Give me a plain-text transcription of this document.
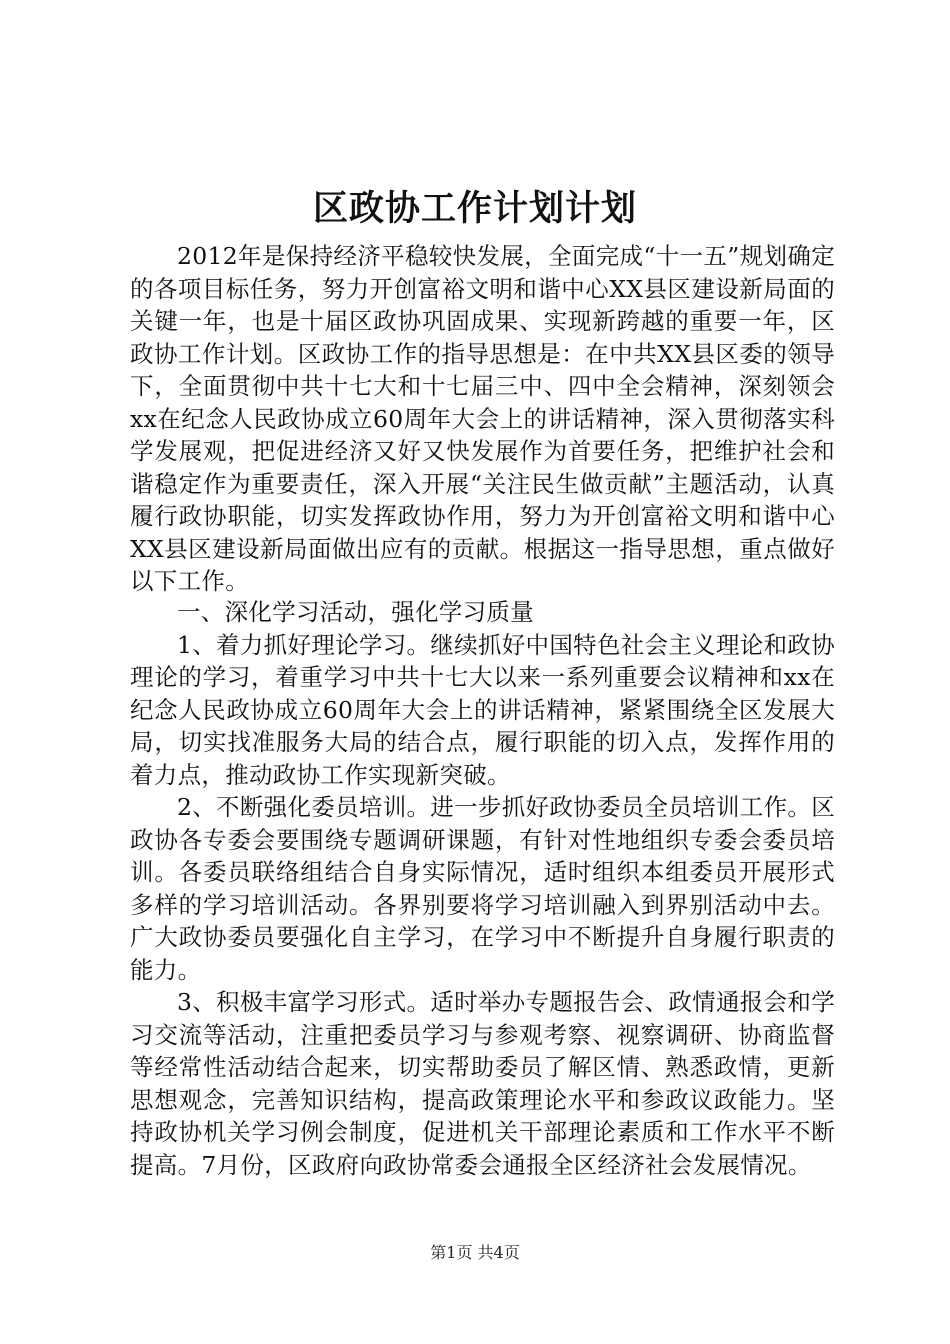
区政协工作计划计划

2012年是保持经济平稳较快发展，全面完成“十一五”规划确定的各项目标任务，努力开创富裕文明和谐中心XX县区建设新局面的关键一年，也是十届区政协巩固成果、实现新跨越的重要一年，区政协工作计划。区政协工作的指导思想是：在中共XX县区委的领导下，全面贯彻中共十七大和十七届三中、四中全会精神，深刻领会xx在纪念人民政协成立60周年大会上的讲话精神，深入贯彻落实科学发展观，把促进经济又好又快发展作为首要任务，把维护社会和谐稳定作为重要责任，深入开展“关注民生做贡献”主题活动，认真履行政协职能，切实发挥政协作用，努力为开创富裕文明和谐中心XX县区建设新局面做出应有的贡献。根据这一指导思想，重点做好以下工作。

一、深化学习活动，强化学习质量

1、着力抓好理论学习。继续抓好中国特色社会主义理论和政协理论的学习，着重学习中共十七大以来一系列重要会议精神和xx在纪念人民政协成立60周年大会上的讲话精神，紧紧围绕全区发展大局，切实找准服务大局的结合点，履行职能的切入点，发挥作用的着力点，推动政协工作实现新突破。

2、不断强化委员培训。进一步抓好政协委员全员培训工作。区政协各专委会要围绕专题调研课题，有针对性地组织专委会委员培训。各委员联络组结合自身实际情况，适时组织本组委员开展形式多样的学习培训活动。各界别要将学习培训融入到界别活动中去。广大政协委员要强化自主学习，在学习中不断提升自身履行职责的能力。

3、积极丰富学习形式。适时举办专题报告会、政情通报会和学习交流等活动，注重把委员学习与参观考察、视察调研、协商监督等经常性活动结合起来，切实帮助委员了解区情、熟悉政情，更新思想观念，完善知识结构，提高政策理论水平和参政议政能力。坚持政协机关学习例会制度，促进机关干部理论素质和工作水平不断提高。7月份，区政府向政协常委会通报全区经济社会发展情况。

第1页 共4页
